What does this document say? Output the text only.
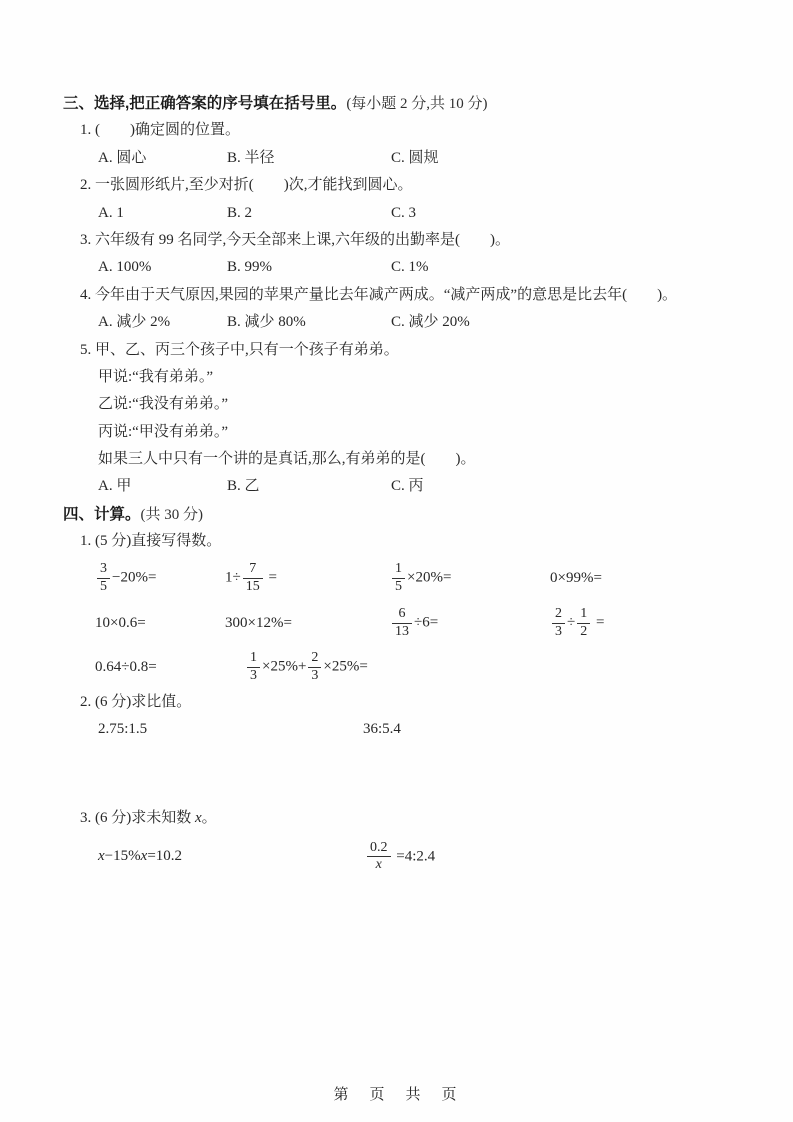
三、选择,把正确答案的序号填在括号里。(每小题 2 分,共 10 分)
1. (　　)确定圆的位置。
A. 圆心	B. 半径	C. 圆规
2. 一张圆形纸片,至少对折(　　)次,才能找到圆心。
A. 1	B. 2	C. 3
3. 六年级有 99 名同学,今天全部来上课,六年级的出勤率是(　　)。
A. 100%	B. 99%	C. 1%
4. 今年由于天气原因,果园的苹果产量比去年减产两成。“减产两成”的意思是比去年(　　)。
A. 减少 2%	B. 减少 80%	C. 减少 20%
5. 甲、乙、丙三个孩子中,只有一个孩子有弟弟。
甲说:“我有弟弟。”
乙说:“我没有弟弟。”
丙说:“甲没有弟弟。”
如果三人中只有一个讲的是真话,那么,有弟弟的是(　　)。
A. 甲	B. 乙	C. 丙
四、计算。(共 30 分)
1. (5 分)直接写得数。
$\frac{3}{5} -20\%=$	$1\div \frac{7}{15}$ =	$\frac{1}{5} \times 20\%=$	0×99%=
10×0.6=	300×12%=	$\frac{6}{13} \div 6=$	$\frac{2}{3} \div \frac{1}{2}$ =
0.64÷0.8=	$\frac{1}{3} \times 25\%+ \frac{2}{3} \times 25\%=$
2. (6 分)求比值。
2.75:1.5	36:5.4
3. (6 分)求未知数 x。
x−15%x=10.2	$\frac{0.2}{x}$ =4:2.4
第　页　共　页
